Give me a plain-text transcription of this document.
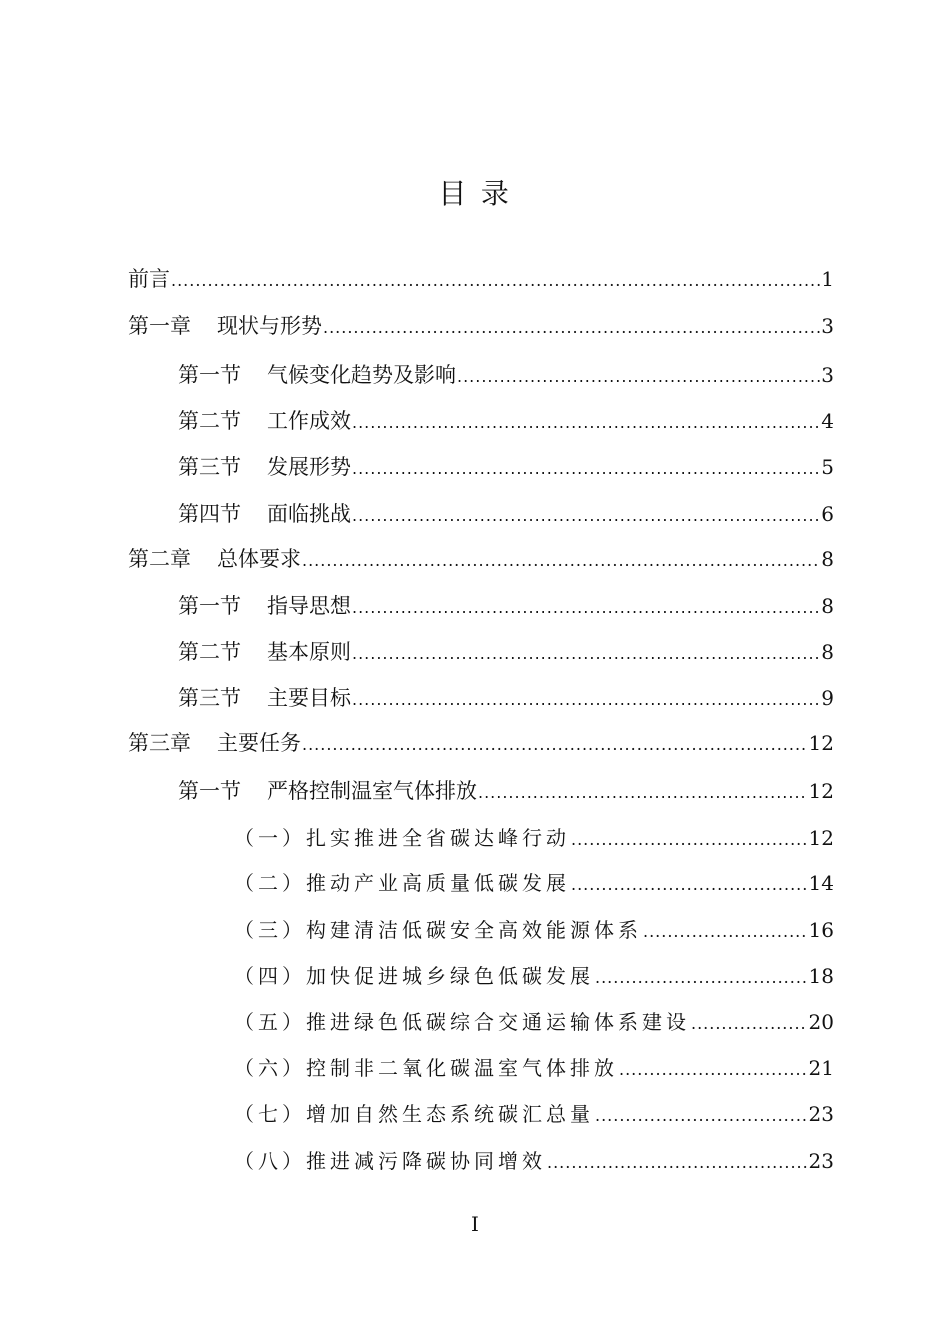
目 录
前言 .....	1
第一章 现状与形势 .....	3
第一节 气候变化趋势及影响 .....	3
第二节 工作成效 .....	4
第三节 发展形势 .....	5
第四节 面临挑战 .....	6
第二章 总体要求 .....	8
第一节 指导思想 .....	8
第二节 基本原则 .....	8
第三节 主要目标 .....	9
第三章 主要任务 .....	12
第一节 严格控制温室气体排放 .....	12
（一）扎实推进全省碳达峰行动 .....	12
（二）推动产业高质量低碳发展 .....	14
（三）构建清洁低碳安全高效能源体系 .....	16
（四）加快促进城乡绿色低碳发展 .....	18
（五）推进绿色低碳综合交通运输体系建设 .....	20
（六）控制非二氧化碳温室气体排放 .....	21
（七）增加自然生态系统碳汇总量 .....	23
（八）推进减污降碳协同增效 .....	23
I
